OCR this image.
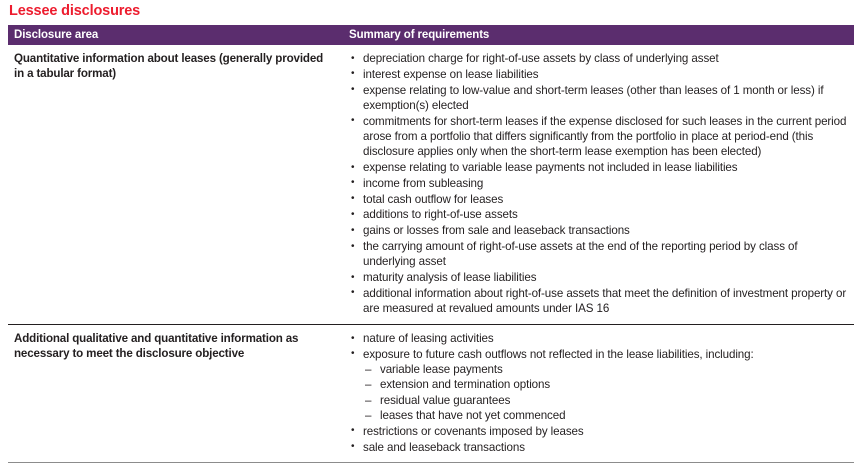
Lessee disclosures
Disclosure area	Summary of requirements
Quantitative information about leases (generally provided in a tabular format)
• depreciation charge for right-of-use assets by class of underlying asset
• interest expense on lease liabilities
• expense relating to low-value and short-term leases (other than leases of 1 month or less) if exemption(s) elected
• commitments for short-term leases if the expense disclosed for such leases in the current period arose from a portfolio that differs significantly from the portfolio in place at period-end (this disclosure applies only when the short-term lease exemption has been elected)
• expense relating to variable lease payments not included in lease liabilities
• income from subleasing
• total cash outflow for leases
• additions to right-of-use assets
• gains or losses from sale and leaseback transactions
• the carrying amount of right-of-use assets at the end of the reporting period by class of underlying asset
• maturity analysis of lease liabilities
• additional information about right-of-use assets that meet the definition of investment property or are measured at revalued amounts under IAS 16
Additional qualitative and quantitative information as necessary to meet the disclosure objective
• nature of leasing activities
• exposure to future cash outflows not reflected in the lease liabilities, including:
– variable lease payments
– extension and termination options
– residual value guarantees
– leases that have not yet commenced
• restrictions or covenants imposed by leases
• sale and leaseback transactions
